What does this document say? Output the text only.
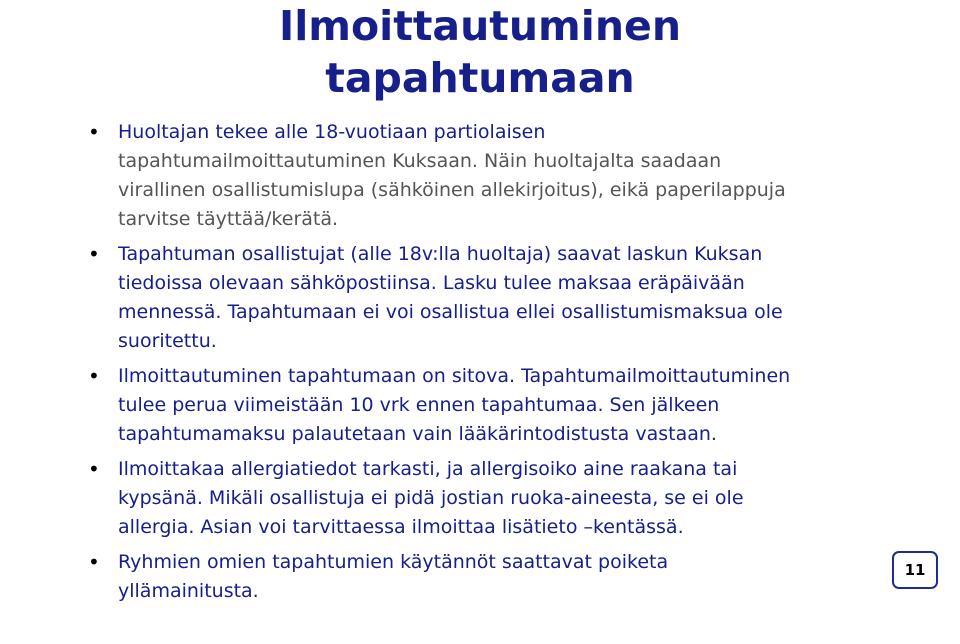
Ilmoittautuminen
tapahtumaan
• Huoltajan tekee alle 18-vuotiaan partiolaisen
tapahtumailmoittautuminen Kuksaan. Näin huoltajalta saadaan
virallinen osallistumislupa (sähköinen allekirjoitus), eikä paperilappuja
tarvitse täyttää/kerätä.
• Tapahtuman osallistujat (alle 18v:lla huoltaja) saavat laskun Kuksan
tiedoissa olevaan sähköpostiinsa. Lasku tulee maksaa eräpäivään
mennessä. Tapahtumaan ei voi osallistua ellei osallistumismaksua ole
suoritettu.
• Ilmoittautuminen tapahtumaan on sitova. Tapahtumailmoittautuminen
tulee perua viimeistään 10 vrk ennen tapahtumaa. Sen jälkeen
tapahtumamaksu palautetaan vain lääkärintodistusta vastaan.
• Ilmoittakaa allergiatiedot tarkasti, ja allergisoiko aine raakana tai
kypsänä. Mikäli osallistuja ei pidä jostian ruoka-aineesta, se ei ole
allergia. Asian voi tarvittaessa ilmoittaa lisätieto –kentässä.
• Ryhmien omien tapahtumien käytännöt saattavat poiketa
yllämainitusta.
11
